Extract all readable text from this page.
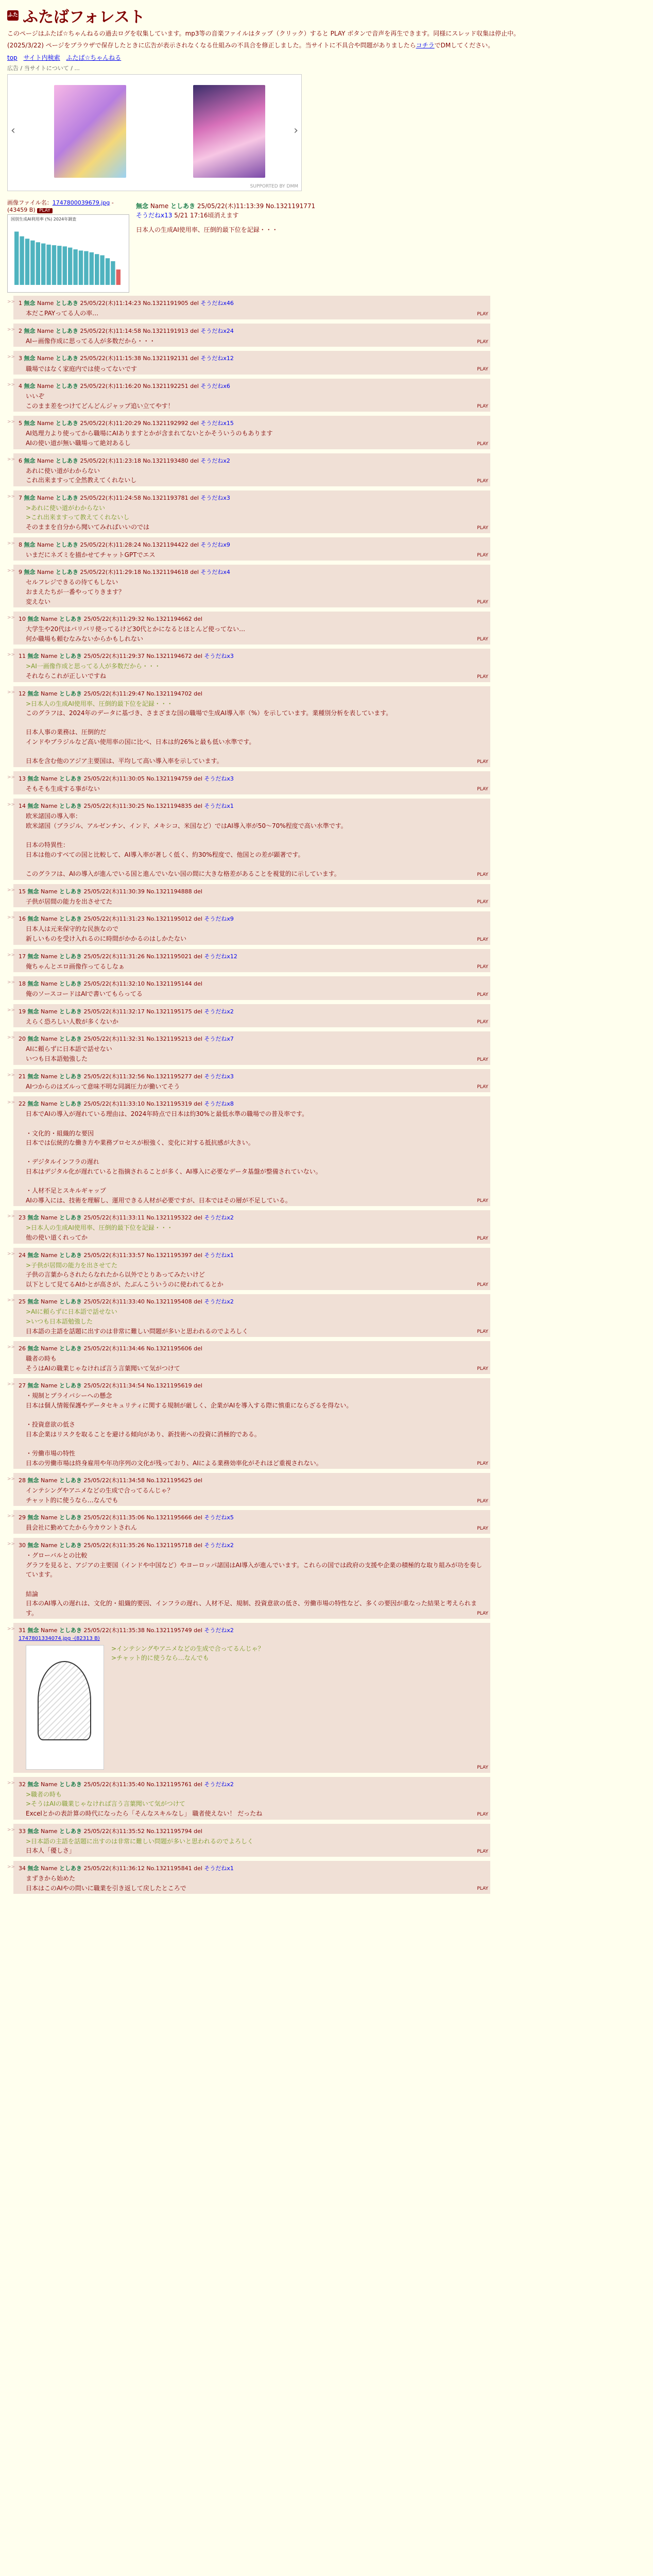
ふた ふたばフォレスト
このページはふたば☆ちゃんねるの過去ログを収集しています。mp3等の音楽ファイルはタップ（クリック）すると PLAY ボタンで音声を再生できます。同様にスレッド収集は停止中。
(2025/3/22) ページをブラウザで保存したときに広告が表示されなくなる仕組みの不具合を修正しました。当サイトに不具合や問題がありましたらコチラでDMしてください。
top サイト内検索 ふたば☆ちゃんねる
広告 / 当サイトについて / ...
‹	›
SUPPORTED BY DMM
画像ファイル名：1747800039679.jpg -(43459 B) PLAY
国別生成AI利用率 (%) 2024年調査
無念 Name としあき 25/05/22(木)11:13:39 No.1321191771
そうだねx13 5/21 17:16頃消えます
日本人の生成AI使用率、圧倒的最下位を記録・・・
>> 1 無念 Name としあき 25/05/22(木)11:14:23 No.1321191905 del そうだねx46
本だこPAYってる人の率…	PLAY
>> 2 無念 Name としあき 25/05/22(木)11:14:58 No.1321191913 del そうだねx24
AIー画像作成に思ってる人が多数だから・・・	PLAY
>> 3 無念 Name としあき 25/05/22(木)11:15:38 No.1321192131 del そうだねx12
職場ではなく家庭内では使ってないです	PLAY
>> 4 無念 Name としあき 25/05/22(木)11:16:20 No.1321192251 del そうだねx6
いいぞ
このまま差をつけてどんどんジャップ追い立てやす！	PLAY
>> 5 無念 Name としあき 25/05/22(木)11:20:29 No.1321192992 del そうだねx15
AI処理力より使ってから職場にAIありますとかが含まれてないとかそういうのもあります
AIの使い道が無い職場って絶対あるし	PLAY
>> 6 無念 Name としあき 25/05/22(木)11:23:18 No.1321193480 del そうだねx2
あれに使い道がわからない
これ出来ますって全然教えてくれないし	PLAY
>> 7 無念 Name としあき 25/05/22(木)11:24:58 No.1321193781 del そうだねx3
>あれに使い道がわからない
>これ出来ますって教えてくれないし
そのままを自分から聞いてみればいいのでは	PLAY
>> 8 無念 Name としあき 25/05/22(木)11:28:24 No.1321194422 del そうだねx9
いまだにネズミを描かせてチャットGPTでエス	PLAY
>> 9 無念 Name としあき 25/05/22(木)11:29:18 No.1321194618 del そうだねx4
セルフレジできるの待てもしない
おまえたちが一番やってりきます？
変えない	PLAY
>> 10 無念 Name としあき 25/05/22(木)11:29:32 No.1321194662 del
大学生や20代はバリバリ使ってるけど30代とかになるとほとんど使ってない…
何か職場も頼むなみないからかもしれない	PLAY
>> 11 無念 Name としあき 25/05/22(木)11:29:37 No.1321194672 del そうだねx3
>AI一画像作成と思ってる人が多数だから・・・
それならこれが正しいですね	PLAY
>> 12 無念 Name としあき 25/05/22(木)11:29:47 No.1321194702 del
>日本人の生成AI使用率、圧倒的最下位を記録・・・
このグラフは、2024年のデータに基づき、さまざまな国の職場で生成AI導入率（%）を示しています。業種別分析を表しています。

日本人事の業務は、圧倒的だ
インドやブラジルなど高い使用率の国に比べ、日本は約26%と最も低い水準です。

日本を含む他のアジア主要国は、平均して高い導入率を示しています。	PLAY
>> 13 無念 Name としあき 25/05/22(木)11:30:05 No.1321194759 del そうだねx3
そもそも生成する事がない	PLAY
>> 14 無念 Name としあき 25/05/22(木)11:30:25 No.1321194835 del そうだねx1
欧米諸国の導入率：
欧米諸国（ブラジル、アルゼンチン、インド、メキシコ、米国など）ではAI導入率が50〜70%程度で高い水準です。

日本の特異性：
日本は他のすべての国と比較して、AI導入率が著しく低く、約30%程度で、他国との差が顕著です。

このグラフは、AIの導入が進んでいる国と進んでいない国の間に大きな格差があることを視覚的に示しています。	PLAY
>> 15 無念 Name としあき 25/05/22(木)11:30:39 No.1321194888 del
子供が居間の能力を出させてた	PLAY
>> 16 無念 Name としあき 25/05/22(木)11:31:23 No.1321195012 del そうだねx9
日本人は元来保守的な民族なので
新しいものを受け入れるのに時間がかかるのはしかたない	PLAY
>> 17 無念 Name としあき 25/05/22(木)11:31:26 No.1321195021 del そうだねx12
俺ちゃんとエロ画像作ってるしなぁ	PLAY
>> 18 無念 Name としあき 25/05/22(木)11:32:10 No.1321195144 del
俺のソースコードはAIで書いてもらってる	PLAY
>> 19 無念 Name としあき 25/05/22(木)11:32:17 No.1321195175 del そうだねx2
えらく恐ろしい人数が多くないか	PLAY
>> 20 無念 Name としあき 25/05/22(木)11:32:31 No.1321195213 del そうだねx7
AIに頼らずに日本語で話せない
いつも日本語勉強した	PLAY
>> 21 無念 Name としあき 25/05/22(木)11:32:56 No.1321195277 del そうだねx3
AIつからのはズルって意味不明な同調圧力が働いてそう	PLAY
>> 22 無念 Name としあき 25/05/22(木)11:33:10 No.1321195319 del そうだねx8
日本でAIの導入が遅れている理由は、2024年時点で日本は約30%と最低水準の職場での普及率です。

・文化的・組織的な要因
日本では伝統的な働き方や業務プロセスが根強く、変化に対する抵抗感が大きい。

・デジタルインフラの遅れ
日本はデジタル化が遅れていると指摘されることが多く、AI導入に必要なデータ基盤が整備されていない。

・人材不足とスキルギャップ
AIの導入には、技術を理解し、運用できる人材が必要ですが、日本ではその層が不足している。	PLAY
>> 23 無念 Name としあき 25/05/22(木)11:33:11 No.1321195322 del そうだねx2
>日本人の生成AI使用率、圧倒的最下位を記録・・・
他の使い道くれってか	PLAY
>> 24 無念 Name としあき 25/05/22(木)11:33:57 No.1321195397 del そうだねx1
>子供が居間の能力を出させてた
子供の言葉からされたらなれたから以外でとりあってみたいけど
以下として見てるAIかとが高さが、たぶんこういうのに使われてるとか	PLAY
>> 25 無念 Name としあき 25/05/22(木)11:33:40 No.1321195408 del そうだねx2
>AIに頼らずに日本語で話せない
>いつも日本語勉強した
日本語の主語を話題に出すのは非常に難しい問題が多いと思われるのでよろしく	PLAY
>> 26 無念 Name としあき 25/05/22(木)11:34:46 No.1321195606 del
職者の時も
そうはAIの職業じゃなければ言う言葉聞いて気がつけて	PLAY
>> 27 無念 Name としあき 25/05/22(木)11:34:54 No.1321195619 del
・規制とプライバシーへの懸念
日本は個人情報保護やデータセキュリティに関する規制が厳しく、企業がAIを導入する際に慎重にならざるを得ない。

・投資意欲の低さ
日本企業はリスクを取ることを避ける傾向があり、新技術への投資に消極的である。

・労働市場の特性
日本の労働市場は終身雇用や年功序列の文化が残っており、AIによる業務効率化がそれほど重視されない。	PLAY
>> 28 無念 Name としあき 25/05/22(木)11:34:58 No.1321195625 del
インテシングやアニメなどの生成で合ってるんじゃ？
チャット的に使うなら…なんでも	PLAY
>> 29 無念 Name としあき 25/05/22(木)11:35:06 No.1321195666 del そうだねx5
員会社に勤めてたから今カウントされん	PLAY
>> 30 無念 Name としあき 25/05/22(木)11:35:26 No.1321195718 del そうだねx2
・グローバルとの比較
グラフを見ると、アジアの主要国（インドや中国など）やヨーロッパ諸国はAI導入が進んでいます。これらの国では政府の支援や企業の積極的な取り組みが功を奏しています。

結論
日本のAI導入の遅れは、文化的・組織的要因、インフラの遅れ、人材不足、規制、投資意欲の低さ、労働市場の特性など、多くの要因が重なった結果と考えられます。	PLAY
>> 31 無念 Name としあき 25/05/22(木)11:35:38 No.1321195749 del そうだねx2
1747801334074.jpg -(82313 B)
>インテシングやアニメなどの生成で合ってるんじゃ？
>チャット的に使うなら…なんでも
PLAY
>> 32 無念 Name としあき 25/05/22(木)11:35:40 No.1321195761 del そうだねx2
>職者の時も
>そうはAIの職業じゃなければ言う言葉聞いて気がつけて
Excelとかの表計算の時代になったら「そんなスキルなし」 職者使えない！ だったね	PLAY
>> 33 無念 Name としあき 25/05/22(木)11:35:52 No.1321195794 del
>日本語の主語を話題に出すのは非常に難しい問題が多いと思われるのでよろしく
日本人「優しさ」	PLAY
>> 34 無念 Name としあき 25/05/22(木)11:36:12 No.1321195841 del そうだねx1
まずきから始めた
日本はこのAIやの問いに職業を引き返して戻したところで	PLAY
